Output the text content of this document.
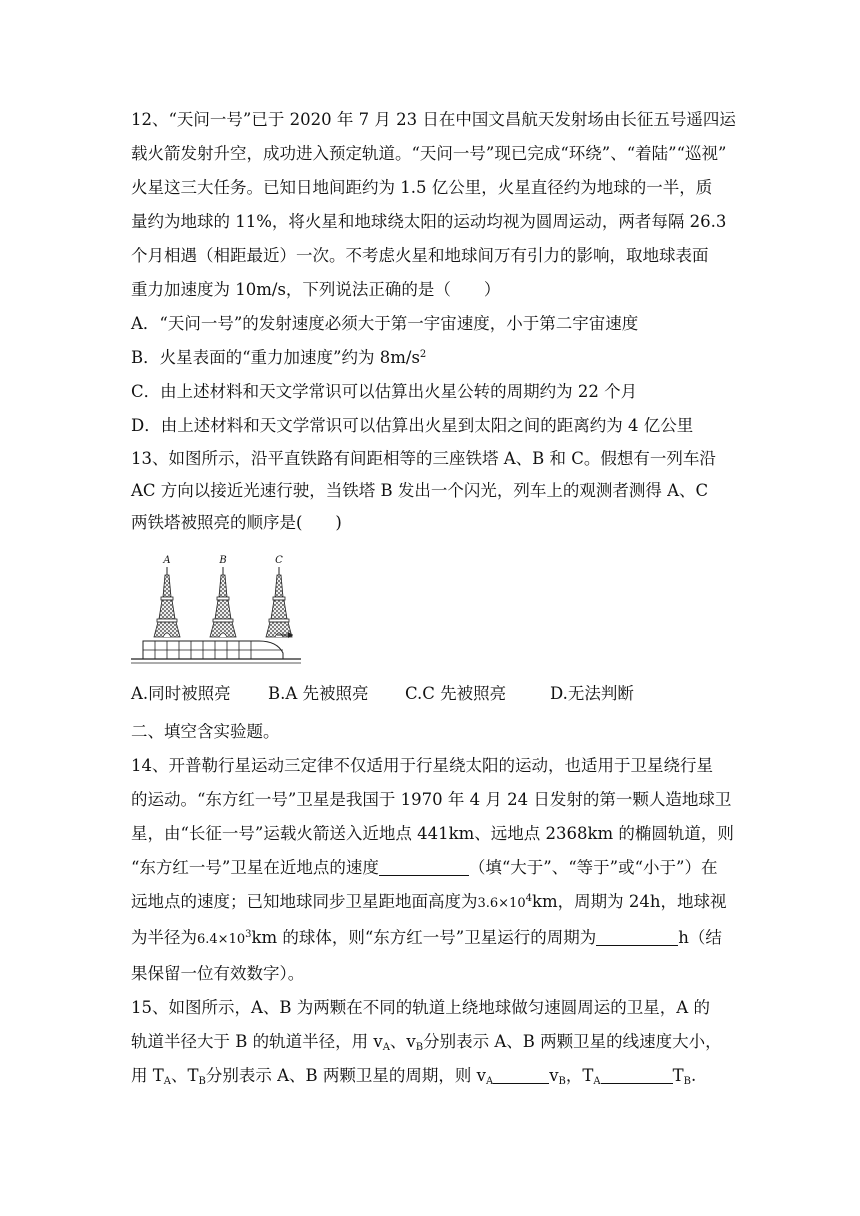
12、“天问一号”已于 2020 年 7 月 23 日在中国文昌航天发射场由长征五号遥四运

载火箭发射升空，成功进入预定轨道。“天问一号”现已完成“环绕”、“着陆”“巡视”

火星这三大任务。已知日地间距约为 1.5 亿公里，火星直径约为地球的一半，质

量约为地球的 11%，将火星和地球绕太阳的运动均视为圆周运动，两者每隔 26.3

个月相遇（相距最近）一次。不考虑火星和地球间万有引力的影响，取地球表面

重力加速度为 10m/s，下列说法正确的是（　　）

A．“天问一号”的发射速度必须大于第一宇宙速度，小于第二宇宙速度

B．火星表面的“重力加速度”约为 $8m/s^2$

C．由上述材料和天文学常识可以估算出火星公转的周期约为 22 个月

D．由上述材料和天文学常识可以估算出火星到太阳之间的距离约为 4 亿公里

13、如图所示，沿平直铁路有间距相等的三座铁塔 A、B 和 C。假想有一列车沿

AC 方向以接近光速行驶，当铁塔 B 发出一个闪光，列车上的观测者测得 A、C

两铁塔被照亮的顺序是(　　)

A	B	C
A.同时被照亮	B.A 先被照亮	C.C 先被照亮	D.无法判断

二、填空含实验题。

14、开普勒行星运动三定律不仅适用于行星绕太阳的运动，也适用于卫星绕行星

的运动。“东方红一号”卫星是我国于 1970 年 4 月 24 日发射的第一颗人造地球卫

星，由“长征一号”运载火箭送入近地点 441km、远地点 2368km 的椭圆轨道，则

“东方红一号”卫星在近地点的速度	（填“大于”、“等于”或“小于”）在

远地点的速度；已知地球同步卫星距地面高度为$3.6\times 10^4km$，周期为 24h，地球视

为半径为$6.4\times 10^3km$ 的球体，则“东方红一号”卫星运行的周期为	h（结

果保留一位有效数字）。

15、如图所示，A、B 为两颗在不同的轨道上绕地球做匀速圆周运的卫星，A 的

轨道半径大于 B 的轨道半径，用 $v_A$、$v_B$分别表示 A、B 两颗卫星的线速度大小，

用 $T_A$、$T_B$分别表示 A、B 两颗卫星的周期，则 $v_A$	$v_B$，$T_A$	$T_B$.
